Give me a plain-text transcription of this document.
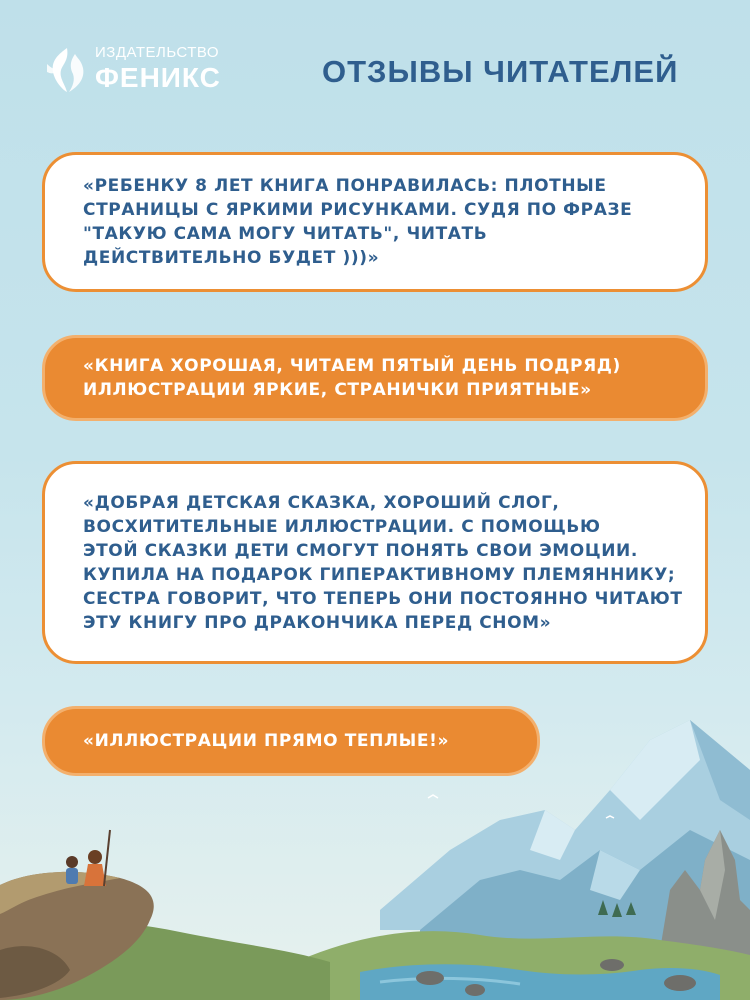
ИЗДАТЕЛЬСТВО
ФЕНИКС	ОТЗЫВЫ ЧИТАТЕЛЕЙ

«РЕБЕНКУ 8 ЛЕТ КНИГА ПОНРАВИЛАСЬ: ПЛОТНЫЕ
СТРАНИЦЫ С ЯРКИМИ РИСУНКАМИ. СУДЯ ПО ФРАЗЕ
"ТАКУЮ САМА МОГУ ЧИТАТЬ", ЧИТАТЬ
ДЕЙСТВИТЕЛЬНО БУДЕТ )))»

«КНИГА ХОРОШАЯ, ЧИТАЕМ ПЯТЫЙ ДЕНЬ ПОДРЯД)
ИЛЛЮСТРАЦИИ ЯРКИЕ, СТРАНИЧКИ ПРИЯТНЫЕ»

«ДОБРАЯ ДЕТСКАЯ СКАЗКА, ХОРОШИЙ СЛОГ,
ВОСХИТИТЕЛЬНЫЕ ИЛЛЮСТРАЦИИ. С ПОМОЩЬЮ
ЭТОЙ СКАЗКИ ДЕТИ СМОГУТ ПОНЯТЬ СВОИ ЭМОЦИИ.
КУПИЛА НА ПОДАРОК ГИПЕРАКТИВНОМУ ПЛЕМЯННИКУ;
СЕСТРА ГОВОРИТ, ЧТО ТЕПЕРЬ ОНИ ПОСТОЯННО ЧИТАЮТ
ЭТУ КНИГУ ПРО ДРАКОНЧИКА ПЕРЕД СНОМ»

«ИЛЛЮСТРАЦИИ ПРЯМО ТЕПЛЫЕ!»
